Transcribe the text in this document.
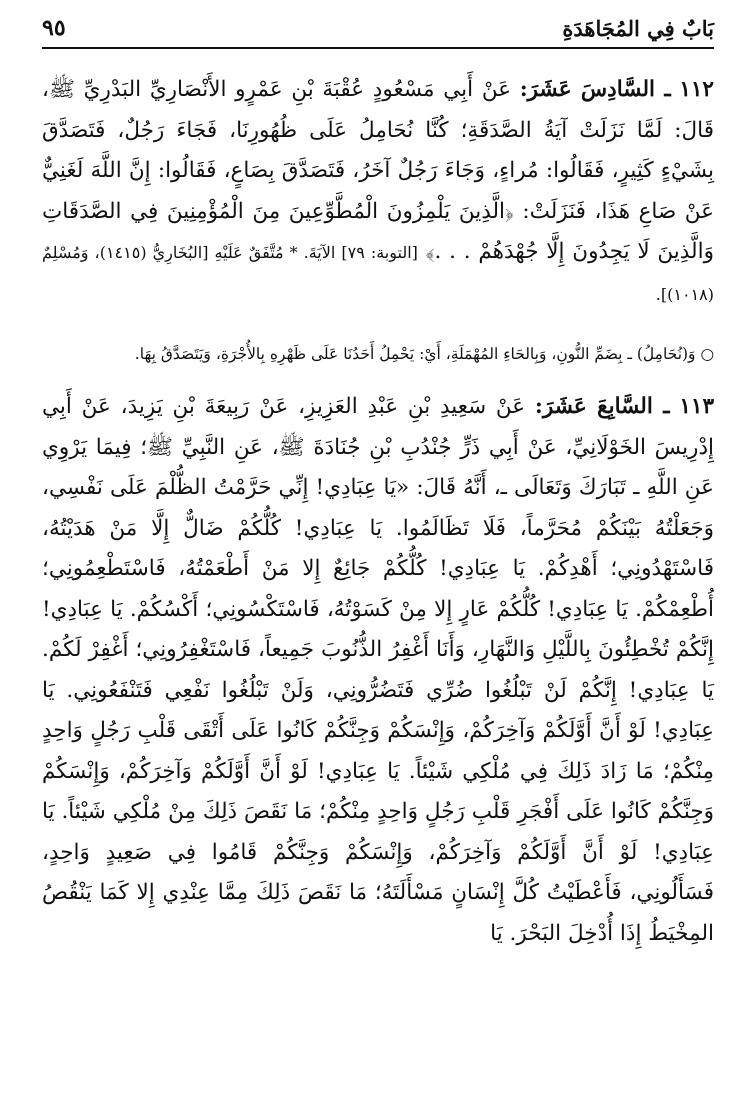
بَابٌ فِي المُجَاهَدَةِ
٩٥

١١٢ ـ السَّادِسَ عَشَرَ: عَنْ أَبِي مَسْعُودٍ عُقْبَةَ بْنِ عَمْرٍو الأَنْصَارِيِّ البَدْرِيِّ ﷺ، قَالَ: لَمَّا نَزَلَتْ آيَةُ الصَّدَقَةِ؛ كُنَّا نُحَامِلُ عَلَى ظُهُورِنَا، فَجَاءَ رَجُلٌ، فَتَصَدَّقَ بِشَيْءٍ كَثِيرٍ، فَقَالُوا: مُراءٍ، وَجَاءَ رَجُلٌ آخَرُ، فَتَصَدَّقَ بِصَاعٍ، فَقَالُوا: إِنَّ اللَّهَ لَغَنِيٌّ عَنْ صَاعِ هَذَا، فَنَزَلَتْ: ﴿الَّذِينَ يَلْمِزُونَ الْمُطَّوِّعِينَ مِنَ الْمُؤْمِنِينَ فِي الصَّدَقَاتِ وَالَّذِينَ لَا يَجِدُونَ إِلَّا جُهْدَهُمْ . . .﴾ [التوبة: ٧٩] الآيَةَ. * مُتَّفَقٌ عَلَيْهِ [البُخَارِيُّ (١٤١٥)، وَمُسْلِمٌ (١٠١٨)].

○ وَ(نُحَامِلُ) ـ بِضَمِّ النُّونِ، وَبِالحَاءِ المُهْمَلَةِ، أَيْ: يَحْمِلُ أَحَدُنَا عَلَى ظَهْرِهِ بِالأُجْرَةِ، وَيَتَصَدَّقُ بِهَا.

١١٣ ـ السَّابِعَ عَشَرَ: عَنْ سَعِيدِ بْنِ عَبْدِ العَزِيزِ، عَنْ رَبِيعَةَ بْنِ يَزِيدَ، عَنْ أَبِي إِدْرِيسَ الخَوْلَانِيِّ، عَنْ أَبِي ذَرٍّ جُنْدُبِ بْنِ جُنَادَةَ ﷺ، عَنِ النَّبِيِّ ﷺ؛ فِيمَا يَرْوِي عَنِ اللَّهِ ـ تَبَارَكَ وَتَعَالَى ـ، أَنَّهُ قَالَ: «يَا عِبَادِي! إِنِّي حَرَّمْتُ الظُّلْمَ عَلَى نَفْسِي، وَجَعَلْتُهُ بَيْنَكُمْ مُحَرَّماً، فَلَا تَظَالَمُوا. يَا عِبَادِي! كُلُّكُمْ ضَالٌّ إِلَّا مَنْ هَدَيْتُهُ، فَاسْتَهْدُونِي؛ أَهْدِكُمْ. يَا عِبَادِي! كُلُّكُمْ جَائِعٌ إِلا مَنْ أَطْعَمْتُهُ، فَاسْتَطْعِمُونِي؛ أُطْعِمْكُمْ. يَا عِبَادِي! كُلُّكُمْ عَارٍ إِلا مِنْ كَسَوْتُهُ، فَاسْتَكْسُونِي؛ أَكْسُكُمْ. يَا عِبَادِي! إِنَّكُمْ تُخْطِئُونَ بِاللَّيْلِ وَالنَّهَارِ، وَأَنَا أَغْفِرُ الذُّنُوبَ جَمِيعاً، فَاسْتَغْفِرُونِي؛ أَغْفِرْ لَكُمْ. يَا عِبَادِي! إِنَّكُمْ لَنْ تَبْلُغُوا ضُرِّي فَتَضُرُّونِي، وَلَنْ تَبْلُغُوا نَفْعِي فَتَنْفَعُونِي. يَا عِبَادِي! لَوْ أَنَّ أَوَّلَكُمْ وَآخِرَكُمْ، وَإِنْسَكُمْ وَجِنَّكُمْ كَانُوا عَلَى أَتْقَى قَلْبِ رَجُلٍ وَاحِدٍ مِنْكُمْ؛ مَا زَادَ ذَلِكَ فِي مُلْكِي شَيْئاً. يَا عِبَادِي! لَوْ أَنَّ أَوَّلَكُمْ وَآخِرَكُمْ، وَإِنْسَكُمْ وَجِنَّكُمْ كَانُوا عَلَى أَفْجَرِ قَلْبِ رَجُلٍ وَاحِدٍ مِنْكُمْ؛ مَا نَقَصَ ذَلِكَ مِنْ مُلْكِي شَيْئاً. يَا عِبَادِي! لَوْ أَنَّ أَوَّلَكُمْ وَآخِرَكُمْ، وَإِنْسَكُمْ وَجِنَّكُمْ قَامُوا فِي صَعِيدٍ وَاحِدٍ، فَسَأَلُونِي، فَأَعْطَيْتُ كُلَّ إِنْسَانٍ مَسْأَلَتَهُ؛ مَا نَقَصَ ذَلِكَ مِمَّا عِنْدِي إِلا كَمَا يَنْقُصُ المِخْيَطُ إِذَا أُدْخِلَ البَحْرَ. يَا
